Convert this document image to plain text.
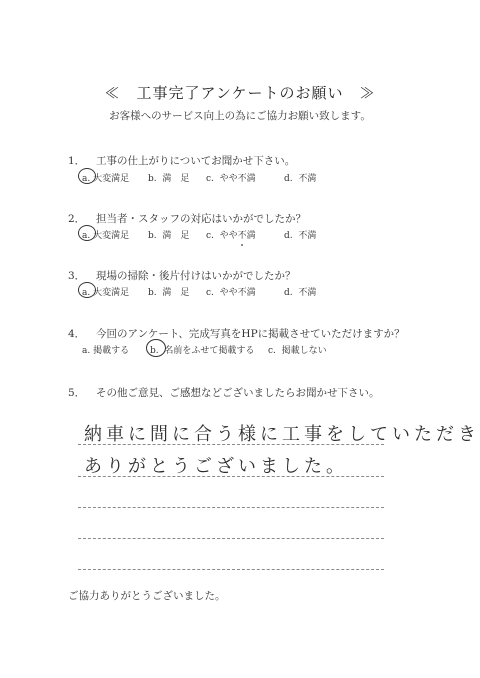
≪　工事完了アンケートのお願い　≫
お客様へのサービス向上の為にご協力お願い致します。
1． 工事の仕上がりについてお聞かせ下さい。
a. 大変満足 b. 満　足 c. やや不満	d. 不満
2． 担当者・スタッフの対応はいかがでしたか？
a. 大変満足 b. 満　足 c. やや不満	d. 不満
3． 現場の掃除・後片付けはいかがでしたか？
a. 大変満足 b. 満　足 c. やや不満	d. 不満
4． 今回のアンケート、完成写真をHPに掲載させていただけますか？
a. 掲載する b. 名前をふせて掲載する c. 掲載しない
5． その他ご意見、ご感想などございましたらお聞かせ下さい。
納車に間に合う様に工事をしていただき
ありがとうございました。
ご協力ありがとうございました。
